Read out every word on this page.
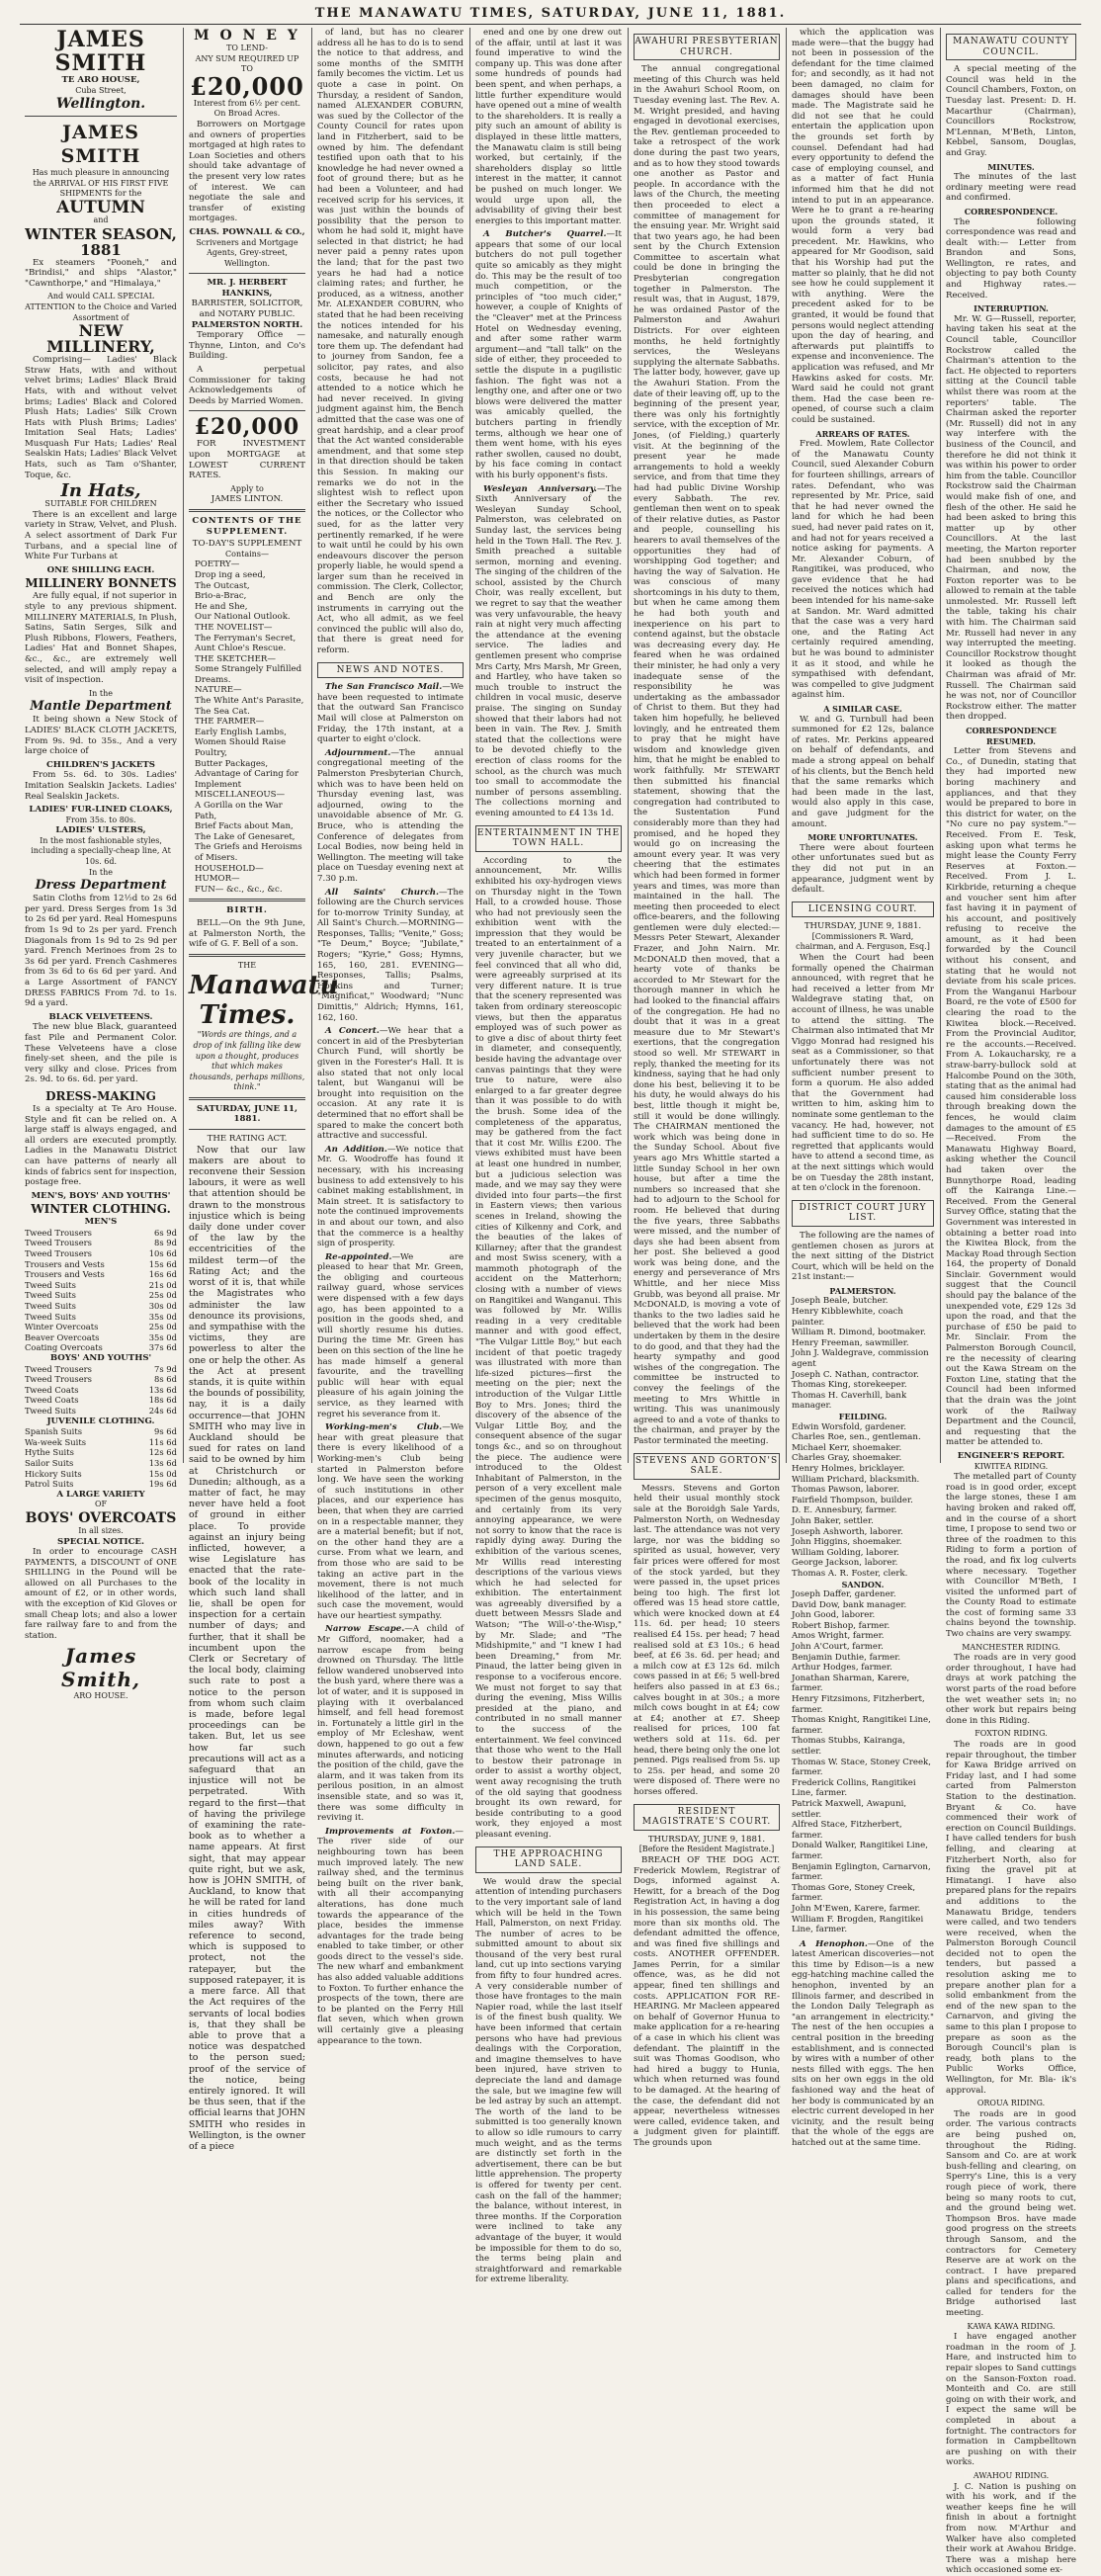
THE MANAWATU TIMES, SATURDAY, JUNE 11, 1881.
JAMES SMITH
TE ARO HOUSE,
Cuba Street,
Wellington.
JAMES SMITH
Has much pleasure in announcing the ARRIVAL OF HIS FIRST FIVE SHIPMENTS for the
AUTUMN
and
WINTER SEASON,
1881

Ex steamers "Pooneh," and "Brindisi," and ships "Alastor," "Cawnthorpe," and "Himalaya,"

And would CALL SPECIAL ATTENTION to the Choice and Varied Assortment of
NEW MILLINERY,

Comprising— Ladies' Black Straw Hats, with and without velvet brims; Ladies' Black Braid Hats, with and without velvet brims; Ladies' Black and Colored Plush Hats; Ladies' Silk Crown Hats with Plush Brims; Ladies' Imitation Seal Hats; Ladies' Musquash Fur Hats; Ladies' Real Sealskin Hats; Ladies' Black Velvet Hats, such as Tam o'Shanter, Toque, &c.

In Hats,
SUITABLE FOR CHILDREN

There is an excellent and large variety in Straw, Velvet, and Plush. A select assortment of Dark Fur Turbans, and a special line of White Fur Turbans at

ONE SHILLING EACH.
MILLINERY BONNETS

Are fully equal, if not superior in style to any previous shipment. MILLINERY MATERIALS, In Plush, Satins, Satin Serges, Silk and Plush Ribbons, Flowers, Feathers, Ladies' Hat and Bonnet Shapes, &c., &c., are extremely well selected, and will amply repay a visit of inspection.

In the
Mantle Department

It being shown a New Stock of LADIES' BLACK CLOTH JACKETS, From 9s. 9d. to 35s., And a very large choice of

CHILDREN'S JACKETS

From 5s. 6d. to 30s. Ladies' Imitation Sealskin Jackets. Ladies' Real Sealskin Jackets.

LADIES' FUR-LINED CLOAKS,
From 35s. to 80s.
LADIES' ULSTERS,
In the most fashionable styles, including a specially-cheap line, At 10s. 6d.
In the
Dress Department

Satin Cloths from 12½d to 2s 6d per yard. Dress Serges from 1s 3d to 2s 6d per yard. Real Homespuns from 1s 9d to 2s per yard. French Diagonals from 1s 9d to 2s 9d per yard. French Merinoes from 2s to 3s 6d per yard. French Cashmeres from 3s 6d to 6s 6d per yard. And a Large Assortment of FANCY DRESS FABRICS From 7d. to 1s. 9d a yard.

BLACK VELVETEENS.

The new blue Black, guaranteed fast Pile and Permanent Color. These Velveteens have a close finely-set sheen, and the pile is very silky and close. Prices from 2s. 9d. to 6s. 6d. per yard.

DRESS-MAKING

Is a specialty at Te Aro House. Style and fit can be relied on. A large staff is always engaged, and all orders are executed promptly. Ladies in the Manawatu District can have patterns of nearly all kinds of fabrics sent for inspection, postage free.

MEN'S, BOYS' AND YOUTHS'
WINTER CLOTHING.
MEN'S
Tweed Trousers	6s 9d
Tweed Trousers	8s 9d
Tweed Trousers	10s 6d
Trousers and Vests	15s 6d
Trousers and Vests	16s 6d
Tweed Suits	21s 0d
Tweed Suits	25s 0d
Tweed Suits	30s 0d
Tweed Suits	35s 0d
Winter Overcoats	25s 0d
Beaver Overcoats	35s 0d
Coating Overcoats	37s 6d
BOYS' AND YOUTHS'
Tweed Trousers	7s 9d
Tweed Trousers	8s 6d
Tweed Coats	13s 6d
Tweed Coats	18s 6d
Tweed Suits	24s 6d
JUVENILE CLOTHING.
Spanish Suits	9s 6d
Wa-week Suits	11s 6d
Hythe Suits	12s 6d
Sailor Suits	13s 6d
Hickory Suits	15s 0d
Patrol Suits	19s 6d
A LARGE VARIETY
OF
BOYS' OVERCOATS
In all sizes.
SPECIAL NOTICE.

In order to encourage CASH PAYMENTS, a DISCOUNT of ONE SHILLING in the Pound will be allowed on all Purchases to the amount of £2, or in other words, with the exception of Kid Gloves or small Cheap lots; and also a lower fare railway fare to and from the station.

James Smith,
ARO HOUSE.
M O N E Y
TO LEND-
ANY SUM REQUIRED UP TO
£20,000
Interest from 6½ per cent.
On Broad Acres.

Borrowers on Mortgage and owners of properties mortgaged at high rates to Loan Societies and others should take advantage of the present very low rates of interest. We can negotiate the sale and transfer of existing mortgages.

CHAS. POWNALL & CO.,
Scriveners and Mortgage Agents, Grey-street, Wellington.
MR. J. HERBERT HANKINS,
BARRISTER, SOLICITOR, and NOTARY PUBLIC.
PALMERSTON NORTH.

Temporary Office — Thynne, Linton, and Co's Building.

A perpetual Commissioner for taking Acknowledgements of Deeds by Married Women.

£20,000

FOR INVESTMENT upon MORTGAGE at LOWEST CURRENT RATES.

Apply to
JAMES LINTON.
CONTENTS OF THE SUPPLEMENT.
TO-DAY'S SUPPLEMENT
Contains—
POETRY—
Drop ing a seed,
The Outcast,
Brio-a-Brac,
He and She,
Our National Outlook.
THE NOVELIST—
The Ferryman's Secret,
Aunt Chloe's Rescue.
THE SKETCHER—
Some Strangely Fulfilled Dreams.
NATURE—
The White Ant's Parasite,
The Sea Cat.
THE FARMER—
Early English Lambs,
Women Should Raise Poultry,
Butter Packages,
Advantage of Caring for Implement
MISCELLANEOUS—
A Gorilla on the War Path,
Brief Facts about Man,
The Lake of Genesaret,
The Griefs and Heroisms of Misers.
HOUSEHOLD—
HUMOR—
FUN— &c., &c., &c.
BIRTH.

BELL—On the 9th June, at Palmerston North, the wife of G. F. Bell of a son.

THE
Manawatu Times.
"Words are things, and a drop of ink falling like dew upon a thought, produces that which makes thousands, perhaps millions, think."
SATURDAY, JUNE 11, 1881.
THE RATING ACT.

Now that our law makers are about to reconvene their Session labours, it were as well that attention should be drawn to the monstrous injustice which is being daily done under cover of the law by the eccentricities of the mildest term—of the Rating Act; and the worst of it is, that while the Magistrates who administer the law denounce its provisions, and sympathise with the victims, they are powerless to alter the one or help the other. As the Act at present stands, it is quite within the bounds of possibility, nay, it is a daily occurrence—that JOHN SMITH who may live in Auckland should be sued for rates on land said to be owned by him at Christchurch or Dunedin; although, as a matter of fact, he may never have held a foot of ground in either place. To provide against an injury being inflicted, however, a wise Legislature has enacted that the rate-book of the locality in which such land shall lie, shall be open for inspection for a certain number of days; and further, that it shall be incumbent upon the Clerk or Secretary of the local body, claiming such rate to post a notice to the person from whom such claim is made, before legal proceedings can be taken. But, let us see how far such precautions will act as a safeguard that an injustice will not be perpetrated. With regard to the first—that of having the privilege of examining the rate-book as to whether a name appears. At first sight, that may appear quite right, but we ask, how is JOHN SMITH, of Auckland, to know that he will be rated for land in cities hundreds of miles away? With reference to second, which is supposed to protect, not the ratepayer, but the supposed ratepayer, it is a mere farce. All that the Act requires of the servants of local bodies is, that they shall be able to prove that a notice was despatched to the person sued; proof of the service of the notice, being entirely ignored. It will be thus seen, that if the official learns that JOHN SMITH who resides in Wellington, is the owner of a piece

of land, but has no clearer address all he has to do is to send the notice to that address, and some months of the SMITH family becomes the victim. Let us quote a case in point. On Thursday, a resident of Sandon, named ALEXANDER COBURN, was sued by the Collector of the County Council for rates upon land in Fitzherbert, said to be owned by him. The defendant testified upon oath that to his knowledge he had never owned a foot of ground there; but as he had been a Volunteer, and had received scrip for his services, it was just within the bounds of possibility that the person to whom he had sold it, might have selected in that district; he had never paid a penny rates upon the land; that for the past two years he had had a notice claiming rates; and further, he produced, as a witness, another Mr. ALEXANDER COBURN, who stated that he had been receiving the notices intended for his namesake, and naturally enough tore them up. The defendant had to journey from Sandon, fee a solicitor, pay rates, and also costs, because he had not attended to a notice which he had never received. In giving judgment against him, the Bench admitted that the case was one of great hardship, and a clear proof that the Act wanted considerable amendment, and that some step in that direction should be taken this Session. In making our remarks we do not in the slightest wish to reflect upon either the Secretary who issued the notices, or the Collector who sued, for as the latter very pertinently remarked, if he were to wait until he could by his own endeavours discover the person properly liable, he would spend a larger sum than he received in commission. The Clerk, Collector, and Bench are only the instruments in carrying out the Act, who all admit, as we feel convinced the public will also do, that there is great need for reform.

NEWS AND NOTES.

The San Francisco Mail.—We have been requested to intimate that the outward San Francisco Mail will close at Palmerston on Friday, the 17th instant, at a quarter to eight o'clock.

Adjournment.—The annual congregational meeting of the Palmerston Presbyterian Church, which was to have been held on Thursday evening last, was adjourned, owing to the unavoidable absence of Mr. G. Bruce, who is attending the Conference of delegates from Local Bodies, now being held in Wellington. The meeting will take place on Tuesday evening next at 7.30 p.m.

All Saints' Church.—The following are the Church services for to-morrow Trinity Sunday, at All Saint's Church.—MORNING—Responses, Tallis; "Venite," Goss; "Te Deum," Boyce; "Jubilate," Rogers; "Kyrie," Goss; Hymns, 165, 160, 281. EVENING—Responses, Tallis; Psalms, Hopkins and Turner; "Magnificat," Woodward; "Nunc Dimittis," Aldrich; Hymns, 161, 162, 160.

A Concert.—We hear that a concert in aid of the Presbyterian Church Fund, will shortly be given in the Forester's Hall. It is also stated that not only local talent, but Wanganui will be brought into requisition on the occasion. At any rate it is determined that no effort shall be spared to make the concert both attractive and successful.

An Addition.—We notice that Mr. G. Woodroffe has found it necessary, with his increasing business to add extensively to his cabinet making establishment, in Main street. It is satisfactory to note the continued improvements in and about our town, and also that the commerce is a healthy sign of prosperity.

Re-appointed.—We are pleased to hear that Mr. Green, the obliging and courteous railway guard, whose services were dispensed with a few days ago, has been appointed to a position in the goods shed, and will shortly resume his duties. During the time Mr. Green has been on this section of the line he has made himself a general favourite, and the travelling public will hear with equal pleasure of his again joining the service, as they learned with regret his severance from it.

Working-men's Club.—We hear with great pleasure that there is every likelihood of a Working-men's Club being started in Palmerston before long. We have seen the working of such institutions in other places, and our experience has been, that when they are carried on in a respectable manner, they are a material benefit; but if not, on the other hand they are a curse. From what we learn, and from those who are said to be taking an active part in the movement, there is not much likelihood of the latter, and in such case the movement, would have our heartiest sympathy.

Narrow Escape.—A child of Mr Gifford, noomaker, had a narrow escape from being drowned on Thursday. The little fellow wandered unobserved into the bush yard, where there was a lot of water, and it is supposed in playing with it overbalanced himself, and fell head foremost in. Fortunately a little girl in the employ of Mr Ecleshaw, went down, happened to go out a few minutes afterwards, and noticing the position of the child, gave the alarm, and it was taken from its perilous position, in an almost insensible state, and so was it, there was some difficulty in reviving it.

Improvements at Foxton.—The river side of our neighbouring town has been much improved lately. The new railway shed, and the terminus being built on the river bank, with all their accompanying alterations, has done much towards the appearance of the place, besides the immense advantages for the trade being enabled to take timber, or other goods direct to the vessel's side. The new wharf and embankment has also added valuable additions to Foxton. To further enhance the prospects of the town, there are to be planted on the Ferry Hill flat seven, which when grown will certainly give a pleasing appearance to the town.

ened and one by one drew out of the affair, until at last it was found imperative to wind the company up. This was done after some hundreds of pounds had been spent, and when perhaps, a little further expenditure would have opened out a mine of wealth to the shareholders. It is really a pity such an amount of ability is displayed in these little matters, the Manawatu claim is still being worked, but certainly, if the shareholders display so little interest in the matter, it cannot be pushed on much longer. We would urge upon all, the advisability of giving their best energies to this important matter.

A Butcher's Quarrel.—It appears that some of our local butchers do not pull together quite so amicably as they might do. This may be the result of too much competition, or the principles of "too much cider," however, a couple of Knights of the "Cleaver" met at the Princess Hotel on Wednesday evening, and after some rather warm argument—and "tall talk" on the side of either, they proceeded to settle the dispute in a pugilistic fashion. The fight was not a lengthy one, and after one or two blows were delivered the matter was amicably quelled, the butchers parting in friendly terms, although we hear one of them went home, with his eyes rather swollen, caused no doubt, by his face coming in contact with his burly opponent's fists.

Wesleyan Anniversary.—The Sixth Anniversary of the Wesleyan Sunday School, Palmerston, was celebrated on Sunday last, the services being held in the Town Hall. The Rev. J. Smith preached a suitable sermon, morning and evening. The singing of the children of the school, assisted by the Church Choir, was really excellent, but we regret to say that the weather was very unfavourable, the heavy rain at night very much affecting the attendance at the evening service. The ladies and gentlemen present who comprise Mrs Carty, Mrs Marsh, Mr Green, and Hartley, who have taken so much trouble to instruct the children in vocal music, deserve praise. The singing on Sunday showed that their labors had not been in vain. The Rev. J. Smith stated that the collections were to be devoted chiefly to the erection of class rooms for the school, as the church was much too small to accommodate the number of persons assembling. The collections morning and evening amounted to £4 13s 1d.

ENTERTAINMENT IN THE TOWN HALL.

According to the announcement, Mr. Willis exhibited his oxy-hydrogen views on Thursday night in the Town Hall, to a crowded house. Those who had not previously seen the exhibition went with the impression that they would be treated to an entertainment of a very juvenile character, but we feel convinced that all who did, were agreeably surprised at its very different nature. It is true that the scenery represented was taken from ordinary stereoscopic views, but then the apparatus employed was of such power as to give a disc of about thirty feet in diameter, and consequently, beside having the advantage over canvas paintings that they were true to nature, were also enlarged to a far greater degree than it was possible to do with the brush. Some idea of the completeness of the apparatus, may be gathered from the fact that it cost Mr. Willis £200. The views exhibited must have been at least one hundred in number, but a judicious selection was made, and we may say they were divided into four parts—the first in Eastern views; then various scenes in Ireland, showing the cities of Kilkenny and Cork, and the beauties of the lakes of Killarney; after that the grandest and most Swiss scenery, with a mammoth photograph of the accident on the Matterhorn; closing with a number of views on Rangitikei and Wanganui. This was followed by Mr. Willis reading in a very creditable manner and with good effect, "The Vulgar Little Boy," but each incident of that poetic tragedy was illustrated with more than life-sized pictures—first the meeting on the pier; next the introduction of the Vulgar Little Boy to Mrs. Jones; third the discovery of the absence of the Vulgar Little Boy, and the consequent absence of the sugar tongs &c., and so on throughout the piece. The audience were introduced to the Oldest Inhabitant of Palmerston, in the person of a very excellent male specimen of the genus mosquito, and certainly from its very annoying appearance, we were not sorry to know that the race is rapidly dying away. During the exhibition of the various scenes, Mr Willis read interesting descriptions of the various views which he had selected for exhibition. The entertainment was agreeably diversified by a duett between Messrs Slade and Watson; "The Will-o'-the-Wisp," by Mr. Slade; and "The Midshipmite," and "I knew I had been Dreaming," from Mr. Pinaud, the latter being given in response to a vociferous encore. We must not forget to say that during the evening, Miss Willis presided at the piano, and contributed in no small manner to the success of the entertainment. We feel convinced that those who went to the Hall to bestow their patronage in order to assist a worthy object, went away recognising the truth of the old saying that goodness brought its own reward, for beside contributing to a good work, they enjoyed a most pleasant evening.

THE APPROACHING LAND SALE.

We would draw the special attention of intending purchasers to the very important sale of land which will be held in the Town Hall, Palmerston, on next Friday. The number of acres to be submitted amount to about six thousand of the very best rural land, cut up into sections varying from fifty to four hundred acres. A very considerable number of those have frontages to the main Napier road, while the last itself is of the finest bush quality. We have been informed that certain persons who have had previous dealings with the Corporation, and imagine themselves to have been injured, have striven to depreciate the land and damage the sale, but we imagine few will be led astray by such an attempt. The worth of the land to be submitted is too generally known to allow so idle rumours to carry much weight, and as the terms are distinctly set forth in the advertisement, there can be but little apprehension. The property is offered for twenty per cent. cash on the fall of the hammer; the balance, without interest, in three months. If the Corporation were inclined to take any advantage of the buyer, it would be impossible for them to do so, the terms being plain and straightforward and remarkable for extreme liberality.

AWAHURI PRESBYTERIAN CHURCH.

The annual congregational meeting of this Church was held in the Awahuri School Room, on Tuesday evening last. The Rev. A. M. Wright presided, and having engaged in devotional exercises, the Rev. gentleman proceeded to take a retrospect of the work done during the past two years, and as to how they stood towards one another as Pastor and people. In accordance with the laws of the Church, the meeting then proceeded to elect a committee of management for the ensuing year. Mr. Wright said that two years ago, he had been sent by the Church Extension Committee to ascertain what could be done in bringing the Presbyterian congregation together in Palmerston. The result was, that in August, 1879, he was ordained Pastor of the Palmerston and Awahuri Districts. For over eighteen months, he held fortnightly services, the Wesleyans supplying the alternate Sabbaths. The latter body, however, gave up the Awahuri Station. From the date of their leaving off, up to the beginning of the present year, there was only his fortnightly service, with the exception of Mr. Jones, (of Fielding,) quarterly visit. At the beginning of the present year he made arrangements to hold a weekly service, and from that time they had had public Divine Worship every Sabbath. The rev. gentleman then went on to speak of their relative duties, as Pastor and people, counselling his hearers to avail themselves of the opportunities they had of worshipping God together; and having the way of Salvation. He was conscious of many shortcomings in his duty to them, but when he came among them he had both youth and inexperience on his part to contend against, but the obstacle was decreasing every day. He feared when he was ordained their minister, he had only a very inadequate sense of the responsibility he was undertaking as the ambassador of Christ to them. But they had taken him hopefully, he believed lovingly, and he entreated them to pray that he might have wisdom and knowledge given him, that he might be enabled to work faithfully. Mr STEWART then submitted his financial statement, showing that the congregation had contributed to the Sustentation Fund considerably more than they had promised, and he hoped they would go on increasing the amount every year. It was very cheering that the estimates which had been formed in former years and times, was more than maintained in the hall. The meeting then proceeded to elect office-bearers, and the following gentlemen were duly elected:—Messrs Peter Stewart, Alexander Frazer, and John Nairn. Mr. McDONALD then moved, that a hearty vote of thanks be accorded to Mr Stewart for the thorough manner in which he had looked to the financial affairs of the congregation. He had no doubt that it was in a great measure due to Mr Stewart's exertions, that the congregation stood so well. Mr STEWART in reply, thanked the meeting for its kindness, saying that he had only done his best, believing it to be his duty, he would always do his best, little though it might be, still it would be done willingly. The CHAIRMAN mentioned the work which was being done in the Sunday School. About five years ago Mrs Whittle started a little Sunday School in her own house, but after a time the numbers so increased that she had to adjourn to the School for room. He believed that during the five years, three Sabbaths were missed, and the number of days she had been absent from her post. She believed a good work was being done, and the energy and perseverance of Mrs Whittle, and her niece Miss Grubb, was beyond all praise. Mr McDONALD, is moving a vote of thanks to the two ladies said he believed that the work had been undertaken by them in the desire to do good, and that they had the hearty sympathy and good wishes of the congregation. The committee be instructed to convey the feelings of the meeting to Mrs Whittle in writing. This was unanimously agreed to and a vote of thanks to the chairman, and prayer by the Pastor terminated the meeting.

STEVENS AND GORTON'S SALE.

Messrs. Stevens and Gorton held their usual monthly stock sale at the Boroidgh Sale Yards, Palmerston North, on Wednesday last. The attendance was not very large, nor was the bidding so spirited as usual, however, very fair prices were offered for most of the stock yarded, but they were passed in, the upset prices being too high. The first lot offered was 15 head store cattle, which were knocked down at £4 11s. 6d. per head; 10 steers realised £4 15s. per head; 7 head realised sold at £3 10s.; 6 head beef, at £6 3s. 6d. per head; and a milch cow at £3 12s 6d. milch cows passed in at £6; 5 well-bred heifers also passed in at £3 6s.; calves bought in at 30s.; a more milch cows bought in at £4; cow at £4; another at £7. Sheep realised for prices, 100 fat wethers sold at 11s. 6d. per head, there being only the one lot penned. Pigs realised from 5s. up to 25s. per head, and some 20 were disposed of. There were no horses offered.

RESIDENT MAGISTRATE'S COURT.
THURSDAY, JUNE 9, 1881.
[Before the Resident Magistrate.]

BREACH OF THE DOG ACT. Frederick Mowlem, Registrar of Dogs, informed against A. Hewitt, for a breach of the Dog Registration Act, in having a dog in his possession, the same being more than six months old. The defendant admitted the offence, and was fined five shillings and costs. ANOTHER OFFENDER. James Perrin, for a similar offence, was, as he did not appear, fined ten shillings and costs. APPLICATION FOR RE-HEARING. Mr Macleen appeared on behalf of Governor Hunua to make application for a re-hearing of a case in which his client was defendant. The plaintiff in the suit was Thomas Goodison, who had hired a buggy to Hunia, which when returned was found to be damaged. At the hearing of the case, the defendant did not appear, nevertheless witnesses were called, evidence taken, and a judgment given for plaintiff. The grounds upon

which the application was made were—that the buggy had not been in possession of the defendant for the time claimed for; and secondly, as it had not been damaged, no claim for damages should have been made. The Magistrate said he did not see that he could entertain the application upon the grounds set forth by counsel. Defendant had had every opportunity to defend the case of employing counsel, and as a matter of fact Hunia informed him that he did not intend to put in an appearance. Were he to grant a re-hearing upon the grounds stated, it would form a very bad precedent. Mr. Hawkins, who appeared for Mr Goodison, said that his Worship had put the matter so plainly, that he did not see how he could supplement it with anything. Were the precedent asked for to be granted, it would be found that persons would neglect attending upon the day of hearing, and afterwards put plaintiffs to expense and inconvenience. The application was refused, and Mr Hawkins asked for costs. Mr. Ward said he could not grant them. Had the case been re-opened, of course such a claim could be sustained.

ARREARS OF RATES.

Fred. Mowlem, Rate Collector of the Manawatu County Council, sued Alexander Coburn for fourteen shillings, arrears of rates. Defendant, who was represented by Mr. Price, said that he had never owned the land for which he had been sued, had never paid rates on it, and had not for years received a notice asking for payments. A Mr. Alexander Coburn, of Rangitikei, was produced, who gave evidence that he had received the notices which had been intended for his name-sake at Sandon. Mr. Ward admitted that the case was a very hard one, and the Rating Act certainly required amending, but he was bound to administer it as it stood, and while he sympathised with defendant, was compelled to give judgment against him.

A SIMILAR CASE.

W. and G. Turnbull had been summoned for £2 12s, balance of rates. Mr. Perkins appeared on behalf of defendants, and made a strong appeal on behalf of his clients, but the Bench held that the same remarks which had been made in the last, would also apply in this case, and gave judgment for the amount.

MORE UNFORTUNATES.

There were about fourteen other unfortunates sued but as they did not put in an appearance, judgment went by default.

LICENSING COURT.
THURSDAY, JUNE 9, 1881.
[Commissioners R. Ward, chairman, and A. Ferguson, Esq.]

When the Court had been formally opened the Chairman announced, with regret that he had received a letter from Mr Waldegrave stating that, on account of illness, he was unable to attend the sitting. The Chairman also intimated that Mr Viggo Monrad had resigned his seat as a Commissioner, so that unfortunately there was not sufficient number present to form a quorum. He also added that the Government had written to him, asking him to nominate some gentleman to the vacancy. He had, however, not had sufficient time to do so. He regretted that applicants would have to attend a second time, as at the next sittings which would be on Tuesday the 28th instant, at ten o'clock in the forenoon.

DISTRICT COURT JURY LIST.

The following are the names of gentlemen chosen as jurors at the next sitting of the District Court, which will be held on the 21st instant:—

PALMERSTON.
Joseph Beale, butcher.
Henry Kibblewhite, coach painter.
William R. Dimond, bootmaker.
Henry Freeman, sawmiller.
John J. Waldegrave, commission agent
Joseph C. Nathan, contractor.
Thomas King, storekeeper.
Thomas H. Caverhill, bank manager.
FEILDING.
Edwin Worsfold, gardener.
Charles Roe, sen., gentleman.
Michael Kerr, shoemaker.
Charles Gray, shoemaker.
Henry Holmes, bricklayer.
William Prichard, blacksmith.
Thomas Pawson, laborer.
Fairfield Thompson, builder.
D. E. Annesbury, farmer.
John Baker, settler.
Joseph Ashworth, laborer.
John Higgins, shoemaker.
William Golding, laborer.
George Jackson, laborer.
Thomas A. R. Foster, clerk.
SANDON.
Joseph Daffer, gardener.
David Dow, bank manager.
John Good, laborer.
Robert Bishop, farmer.
Amos Wright, farmer.
John A'Court, farmer.
Benjamin Duthie, farmer.
Arthur Hodges, farmer.
Jonathan Sharman, Karere, farmer.
Henry Fitzsimons, Fitzherbert, farmer.
Thomas Knight, Rangitikei Line, farmer.
Thomas Stubbs, Kairanga, settler.
Thomas W. Stace, Stoney Creek, farmer.
Frederick Collins, Rangitikei Line, farmer.
Patrick Maxwell, Awapuni, settler.
Alfred Stace, Fitzherbert, farmer.
Donald Walker, Rangitikei Line, farmer.
Benjamin Eglington, Carnarvon, farmer.
Thomas Gore, Stoney Creek, farmer.
John M'Ewen, Karere, farmer.
William F. Brogden, Rangitikei Line, farmer.

A Henophon.—One of the latest American discoveries—not this time by Edison—is a new egg-hatching machine called the henophon, invented by an Illinois farmer, and described in the London Daily Telegraph as "an arrangement in electricity." The nest of the hen occupies a central position in the breeding establishment, and is connected by wires with a number of other nests filled with eggs. The hen sits on her own eggs in the old fashioned way and the heat of her body is communicated by an electric current developed in her vicinity, and the result being that the whole of the eggs are hatched out at the same time.

MANAWATU COUNTY COUNCIL.

A special meeting of the Council was held in the Council Chambers, Foxton, on Tuesday last. Present: D. H. Macarthur (Chairman), Councillors Rockstrow, M'Lennan, M'Beth, Linton, Kebbel, Sansom, Douglas, and Gray.

MINUTES.

The minutes of the last ordinary meeting were read and confirmed.

CORRESPONDENCE.

The following correspondence was read and dealt with:— Letter from Brandon and Sons, Wellington, re rates, and objecting to pay both County and Highway rates.—Received.

INTERRUPTION.

Mr. W. G—Russell, reporter, having taken his seat at the Council table, Councillor Rockstrow called the Chairman's attention to the fact. He objected to reporters sitting at the Council table whilst there was room at the reporters' table. The Chairman asked the reporter (Mr. Russell) did not in any way interfere with the business of the Council, and therefore he did not think it was within his power to order him from the table. Councillor Rockstrow said the Chairman would make fish of one, and flesh of the other. He said he had been asked to bring this matter up by other Councillors. At the last meeting, the Marton reporter had been snubbed by the Chairman, and now, the Foxton reporter was to be allowed to remain at the table unmolested. Mr. Russell left the table, taking his chair with him. The Chairman said Mr. Russell had never in any way interrupted the meeting. Councillor Rockstrow thought it looked as though the Chairman was afraid of Mr. Russell. The Chairman said he was not, nor of Councillor Rockstrow either. The matter then dropped.

CORRESPONDENCE RESUMED.

Letter from Stevens and Co., of Dunedin, stating that they had imported new boring machinery and appliances, and that they would be prepared to bore in this district for water, on the "No cure no pay system."—Received. From E. Tesk, asking upon what terms he might lease the County Ferry Reserves at Foxton.—Received. From J. L. Kirkbride, returning a cheque and voucher sent him after fast having it in payment of his account, and positively refusing to receive the amount, as it had been forwarded by the Council without his consent, and stating that he would not deviate from his scale prices. From the Wanganui Harbour Board, re the vote of £500 for clearing the road to the Kiwitea block.—Received. From the Provincial Auditor, re the accounts.—Received. From A. Lokaucharsky, re a straw-barry-bullock sold at Halcombe Pound on the 30th, stating that as the animal had caused him considerable loss through breaking down the fences, he would claim damages to the amount of £5—Received. From the Manawatu Highway Board, asking whether the Council had taken over the Bunnythorpe Road, leading off the Kairanga Line.—Received. From the General Survey Office, stating that the Government was interested in obtaining a better road into the Kiwitea Block, from the Mackay Road through Section 164, the property of Donald Sinclair. Government would suggest that the Council should pay the balance of the unexpended vote, £29 12s 3d upon the road, and that the purchase of £50 be paid to Mr. Sinclair. From the Palmerston Borough Council, re the necessity of clearing out the Kawa Stream on the Foxton Line, stating that the Council had been informed that the drain was the joint work of the Railway Department and the Council, and requesting that the matter be attended to.

ENGINEER'S REPORT.
KIWITEA RIDING.

The metalled part of County road is in good order, except the large stones, these I am having broken and raked off, and in the course of a short time, I propose to send two or three of the roadmen to this Riding to form a portion of the road, and fix log culverts where necessary. Together with Councillor M'Beth, I visited the unformed part of the County Road to estimate the cost of forming same 33 chains beyond the township. Two chains are very swampy.

MANCHESTER RIDING.

The roads are in very good order throughout, I have had drays at work patching the worst parts of the road before the wet weather sets in; no other work but repairs being done in this Riding.

FOXTON RIDING.

The roads are in good repair throughout, the timber for Kawa Bridge arrived on Friday last, and I had some carted from Palmerston Station to the destination. Bryant & Co. have commenced their work of erection on Council Buildings. I have called tenders for bush felling, and clearing at Fitzherbert North, also for fixing the gravel pit at Himatangi. I have also prepared plans for the repairs and additions to the Manawatu Bridge, tenders were called, and two tenders were received, when the Palmerston Borough Council decided not to open the tenders, but passed a resolution asking me to prepare another plan for a solid embankment from the end of the new span to the Carnarvon, and giving the same to this plan I propose to prepare as soon as the Borough Council's plan is ready, both plans to the Public Works Office, Wellington, for Mr. Bla- ik's approval.

OROUA RIDING.

The roads are in good order. The various contracts are being pushed on, throughout the Riding. Sansom and Co. are at work bush-felling and clearing, on Sperry's Line, this is a very rough piece of work, there being so many roots to cut, and the ground being wet. Thompson Bros. have made good progress on the streets through Sansom, and the contractors for Cemetery Reserve are at work on the contract. I have prepared plans and specifications, and called for tenders for the Bridge authorised last meeting.

KAWA KAWA RIDING.

I have engaged another roadman in the room of J. Hare, and instructed him to repair slopes to Sand cuttings on the Sanson-Foxton road. Monteith and Co. are still going on with their work, and I expect the same will be completed in about a fortnight. The contractors for formation in Campbelltown are pushing on with their works.

AWAHOU RIDING.

J. C. Nation is pushing on with his work, and if the weather keeps fine he will finish in about a fortnight from now. M'Arthur and Walker have also completed their work at Awahou Bridge. There was a mishap here which occasioned some ex-
